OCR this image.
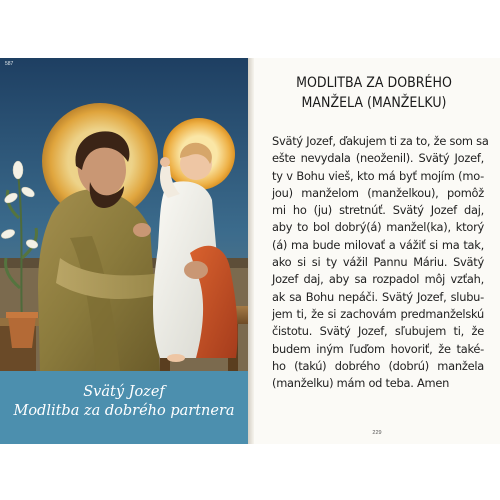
587
Svätý Jozef
Modlitba za dobrého partnera
MODLITBA ZA DOBRÉHO
MANŽELA (MANŽELKU)
Svätý Jozef, ďakujem ti za to, že som sa
ešte nevydala (neoženil). Svätý Jozef,
ty v Bohu vieš, kto má byť mojím (mo-
jou) manželom (manželkou), pomôž
mi ho (ju) stretnúť. Svätý Jozef daj,
aby to bol dobrý(á) manžel(ka), ktorý
(á) ma bude milovať a vážiť si ma tak,
ako si si ty vážil Pannu Máriu. Svätý
Jozef daj, aby sa rozpadol môj vzťah,
ak sa Bohu nepáči. Svätý Jozef, slubu-
jem ti, že si zachovám predmanželskú
čistotu. Svätý Jozef, sľubujem ti, že
budem iným ľuďom hovoriť, že také-
ho (takú) dobrého (dobrú) manžela
(manželku) mám od teba. Amen
229
